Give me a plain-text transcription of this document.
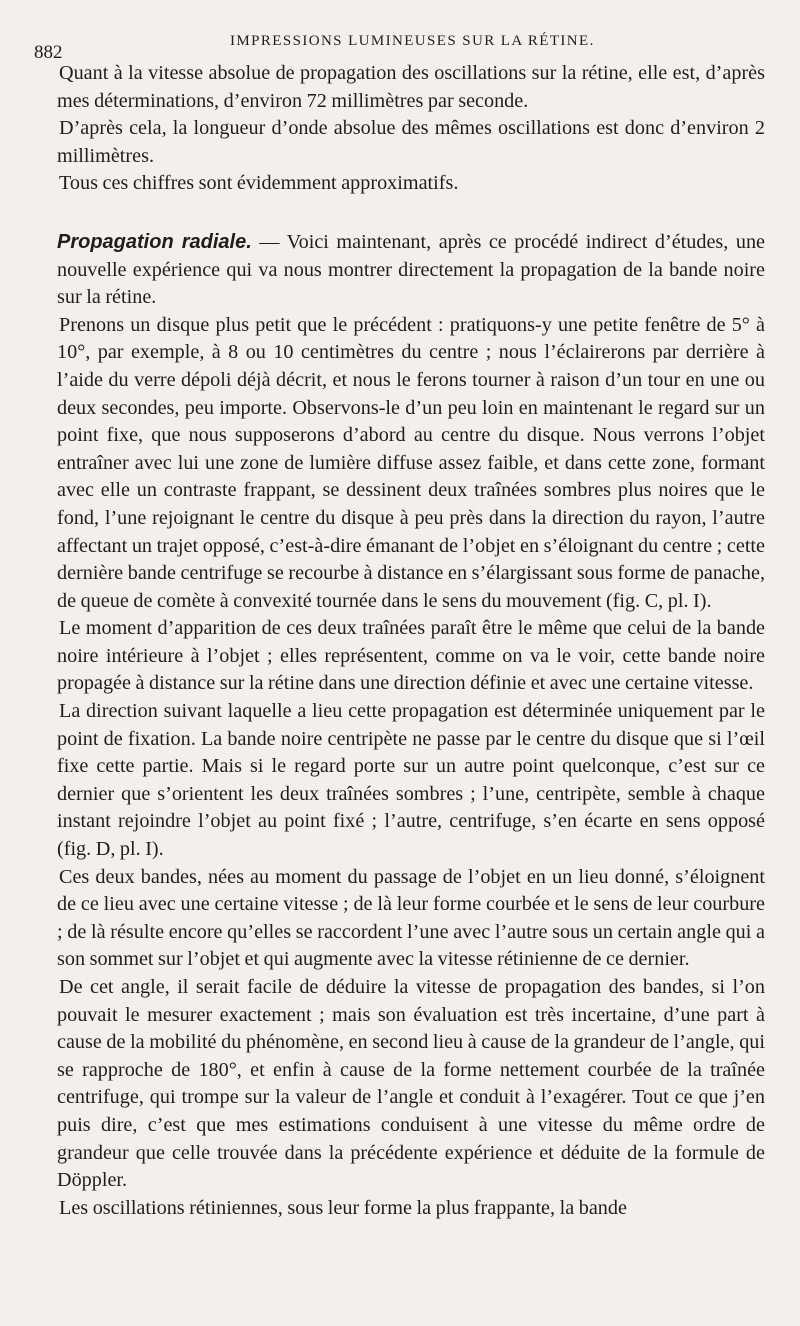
882
IMPRESSIONS LUMINEUSES SUR LA RÉTINE.

Quant à la vitesse absolue de propagation des oscillations sur la rétine, elle est, d’après mes déterminations, d’environ 72 millimètres par seconde.

D’après cela, la longueur d’onde absolue des mêmes oscillations est donc d’environ 2 millimètres.

Tous ces chiffres sont évidemment approximatifs.

Propagation radiale. — Voici maintenant, après ce procédé indirect d’études, une nouvelle expérience qui va nous montrer directement la propagation de la bande noire sur la rétine.

Prenons un disque plus petit que le précédent : pratiquons-y une petite fenêtre de 5° à 10°, par exemple, à 8 ou 10 centimètres du centre ; nous l’éclairerons par derrière à l’aide du verre dépoli déjà décrit, et nous le ferons tourner à raison d’un tour en une ou deux secondes, peu importe. Observons-le d’un peu loin en maintenant le regard sur un point fixe, que nous supposerons d’abord au centre du disque. Nous verrons l’objet entraîner avec lui une zone de lumière diffuse assez faible, et dans cette zone, formant avec elle un contraste frappant, se dessinent deux traînées sombres plus noires que le fond, l’une rejoignant le centre du disque à peu près dans la direction du rayon, l’autre affectant un trajet opposé, c’est-à-dire émanant de l’objet en s’éloignant du centre ; cette dernière bande centrifuge se recourbe à distance en s’élargissant sous forme de panache, de queue de comète à convexité tournée dans le sens du mouvement (fig. C, pl. I).

Le moment d’apparition de ces deux traînées paraît être le même que celui de la bande noire intérieure à l’objet ; elles représentent, comme on va le voir, cette bande noire propagée à distance sur la rétine dans une direction définie et avec une certaine vitesse.

La direction suivant laquelle a lieu cette propagation est déterminée uniquement par le point de fixation. La bande noire centripète ne passe par le centre du disque que si l’œil fixe cette partie. Mais si le regard porte sur un autre point quelconque, c’est sur ce dernier que s’orientent les deux traînées sombres ; l’une, centripète, semble à chaque instant rejoindre l’objet au point fixé ; l’autre, centrifuge, s’en écarte en sens opposé (fig. D, pl. I).

Ces deux bandes, nées au moment du passage de l’objet en un lieu donné, s’éloignent de ce lieu avec une certaine vitesse ; de là leur forme courbée et le sens de leur courbure ; de là résulte encore qu’elles se raccordent l’une avec l’autre sous un certain angle qui a son sommet sur l’objet et qui augmente avec la vitesse rétinienne de ce dernier.

De cet angle, il serait facile de déduire la vitesse de propagation des bandes, si l’on pouvait le mesurer exactement ; mais son évaluation est très incertaine, d’une part à cause de la mobilité du phénomène, en second lieu à cause de la grandeur de l’angle, qui se rapproche de 180°, et enfin à cause de la forme nettement courbée de la traînée centrifuge, qui trompe sur la valeur de l’angle et conduit à l’exagérer. Tout ce que j’en puis dire, c’est que mes estimations conduisent à une vitesse du même ordre de grandeur que celle trouvée dans la précédente expérience et déduite de la formule de Döppler.

Les oscillations rétiniennes, sous leur forme la plus frappante, la bande
